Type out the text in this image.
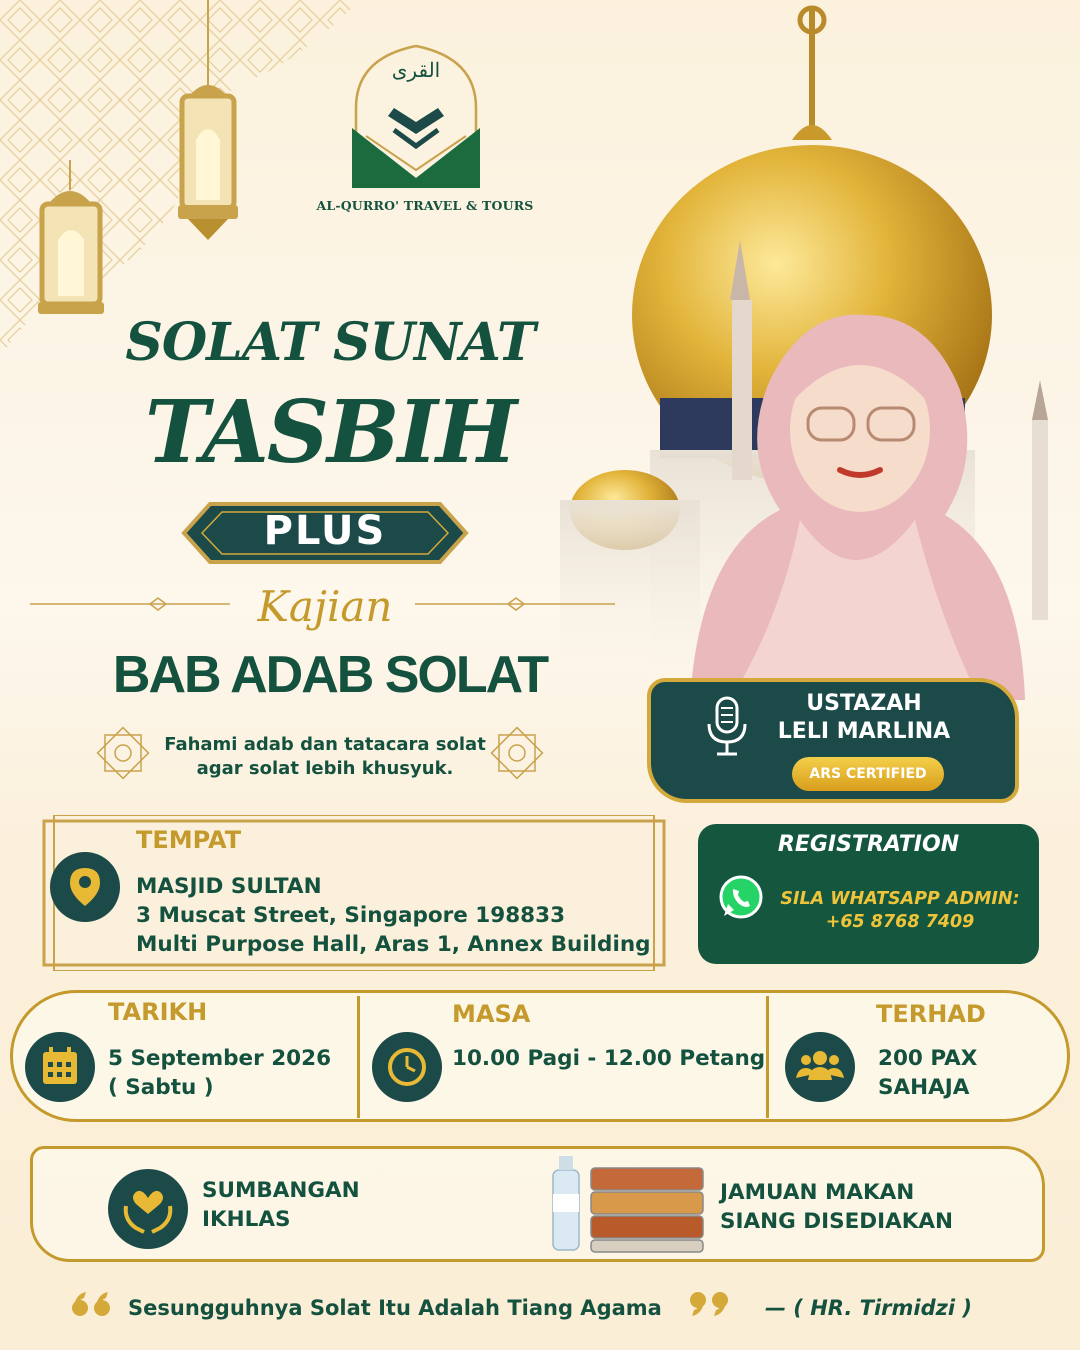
القرى
AL-QURRO' TRAVEL & TOURS
SOLAT SUNAT
TASBIH
PLUS
Kajian
BAB ADAB SOLAT
Fahami adab dan tatacara solat
agar solat lebih khusyuk.
USTAZAH
LELI MARLINA
ARS CERTIFIED
TEMPAT
MASJID SULTAN
3 Muscat Street, Singapore 198833
Multi Purpose Hall, Aras 1, Annex Building
REGISTRATION
SILA WHATSAPP ADMIN:
+65 8768 7409
TARIKH
5 September 2026
( Sabtu )
MASA
10.00 Pagi - 12.00 Petang
TERHAD
200 PAX
SAHAJA
SUMBANGAN
IKHLAS
JAMUAN MAKAN
SIANG DISEDIAKAN
Sesungguhnya Solat Itu Adalah Tiang Agama	— ( HR. Tirmidzi )
